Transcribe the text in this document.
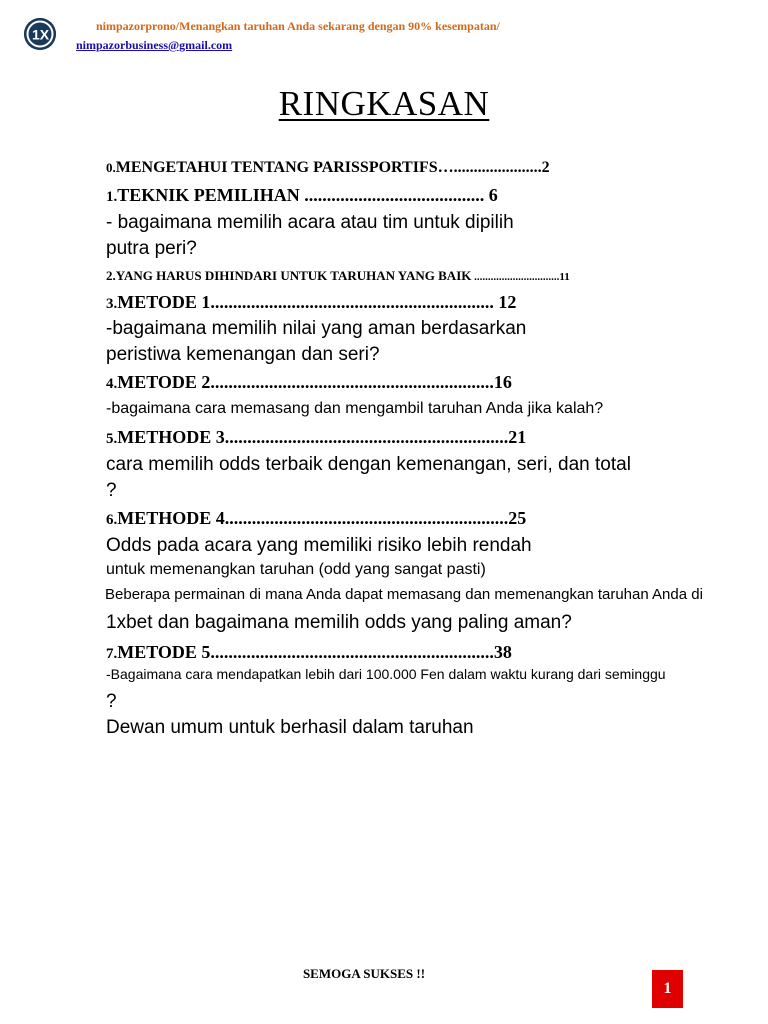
1X
nimpazorprono/Menangkan taruhan Anda sekarang dengan 90% kesempatan/
nimpazorbusiness@gmail.com
RINGKASAN
0.MENGETAHUI TENTANG PARISSPORTIFS…......................2
1.TEKNIK PEMILIHAN ........................................ 6
- bagaimana memilih acara atau tim untuk dipilih
putra peri?
2.YANG HARUS DIHINDARI UNTUK TARUHAN YANG BAIK ...............................11
3.METODE 1............................................................... 12
-bagaimana memilih nilai yang aman berdasarkan
peristiwa kemenangan dan seri?
4.METODE 2...............................................................16
-bagaimana cara memasang dan mengambil taruhan Anda jika kalah?
5.METHODE 3...............................................................21
cara memilih odds terbaik dengan kemenangan, seri, dan total
?
6.METHODE 4...............................................................25
Odds pada acara yang memiliki risiko lebih rendah
untuk memenangkan taruhan (odd yang sangat pasti)
Beberapa permainan di mana Anda dapat memasang dan memenangkan taruhan Anda di
1xbet dan bagaimana memilih odds yang paling aman?
7.METODE 5...............................................................38
-Bagaimana cara mendapatkan lebih dari 100.000 Fen dalam waktu kurang dari seminggu
?
Dewan umum untuk berhasil dalam taruhan
SEMOGA SUKSES !!
1
